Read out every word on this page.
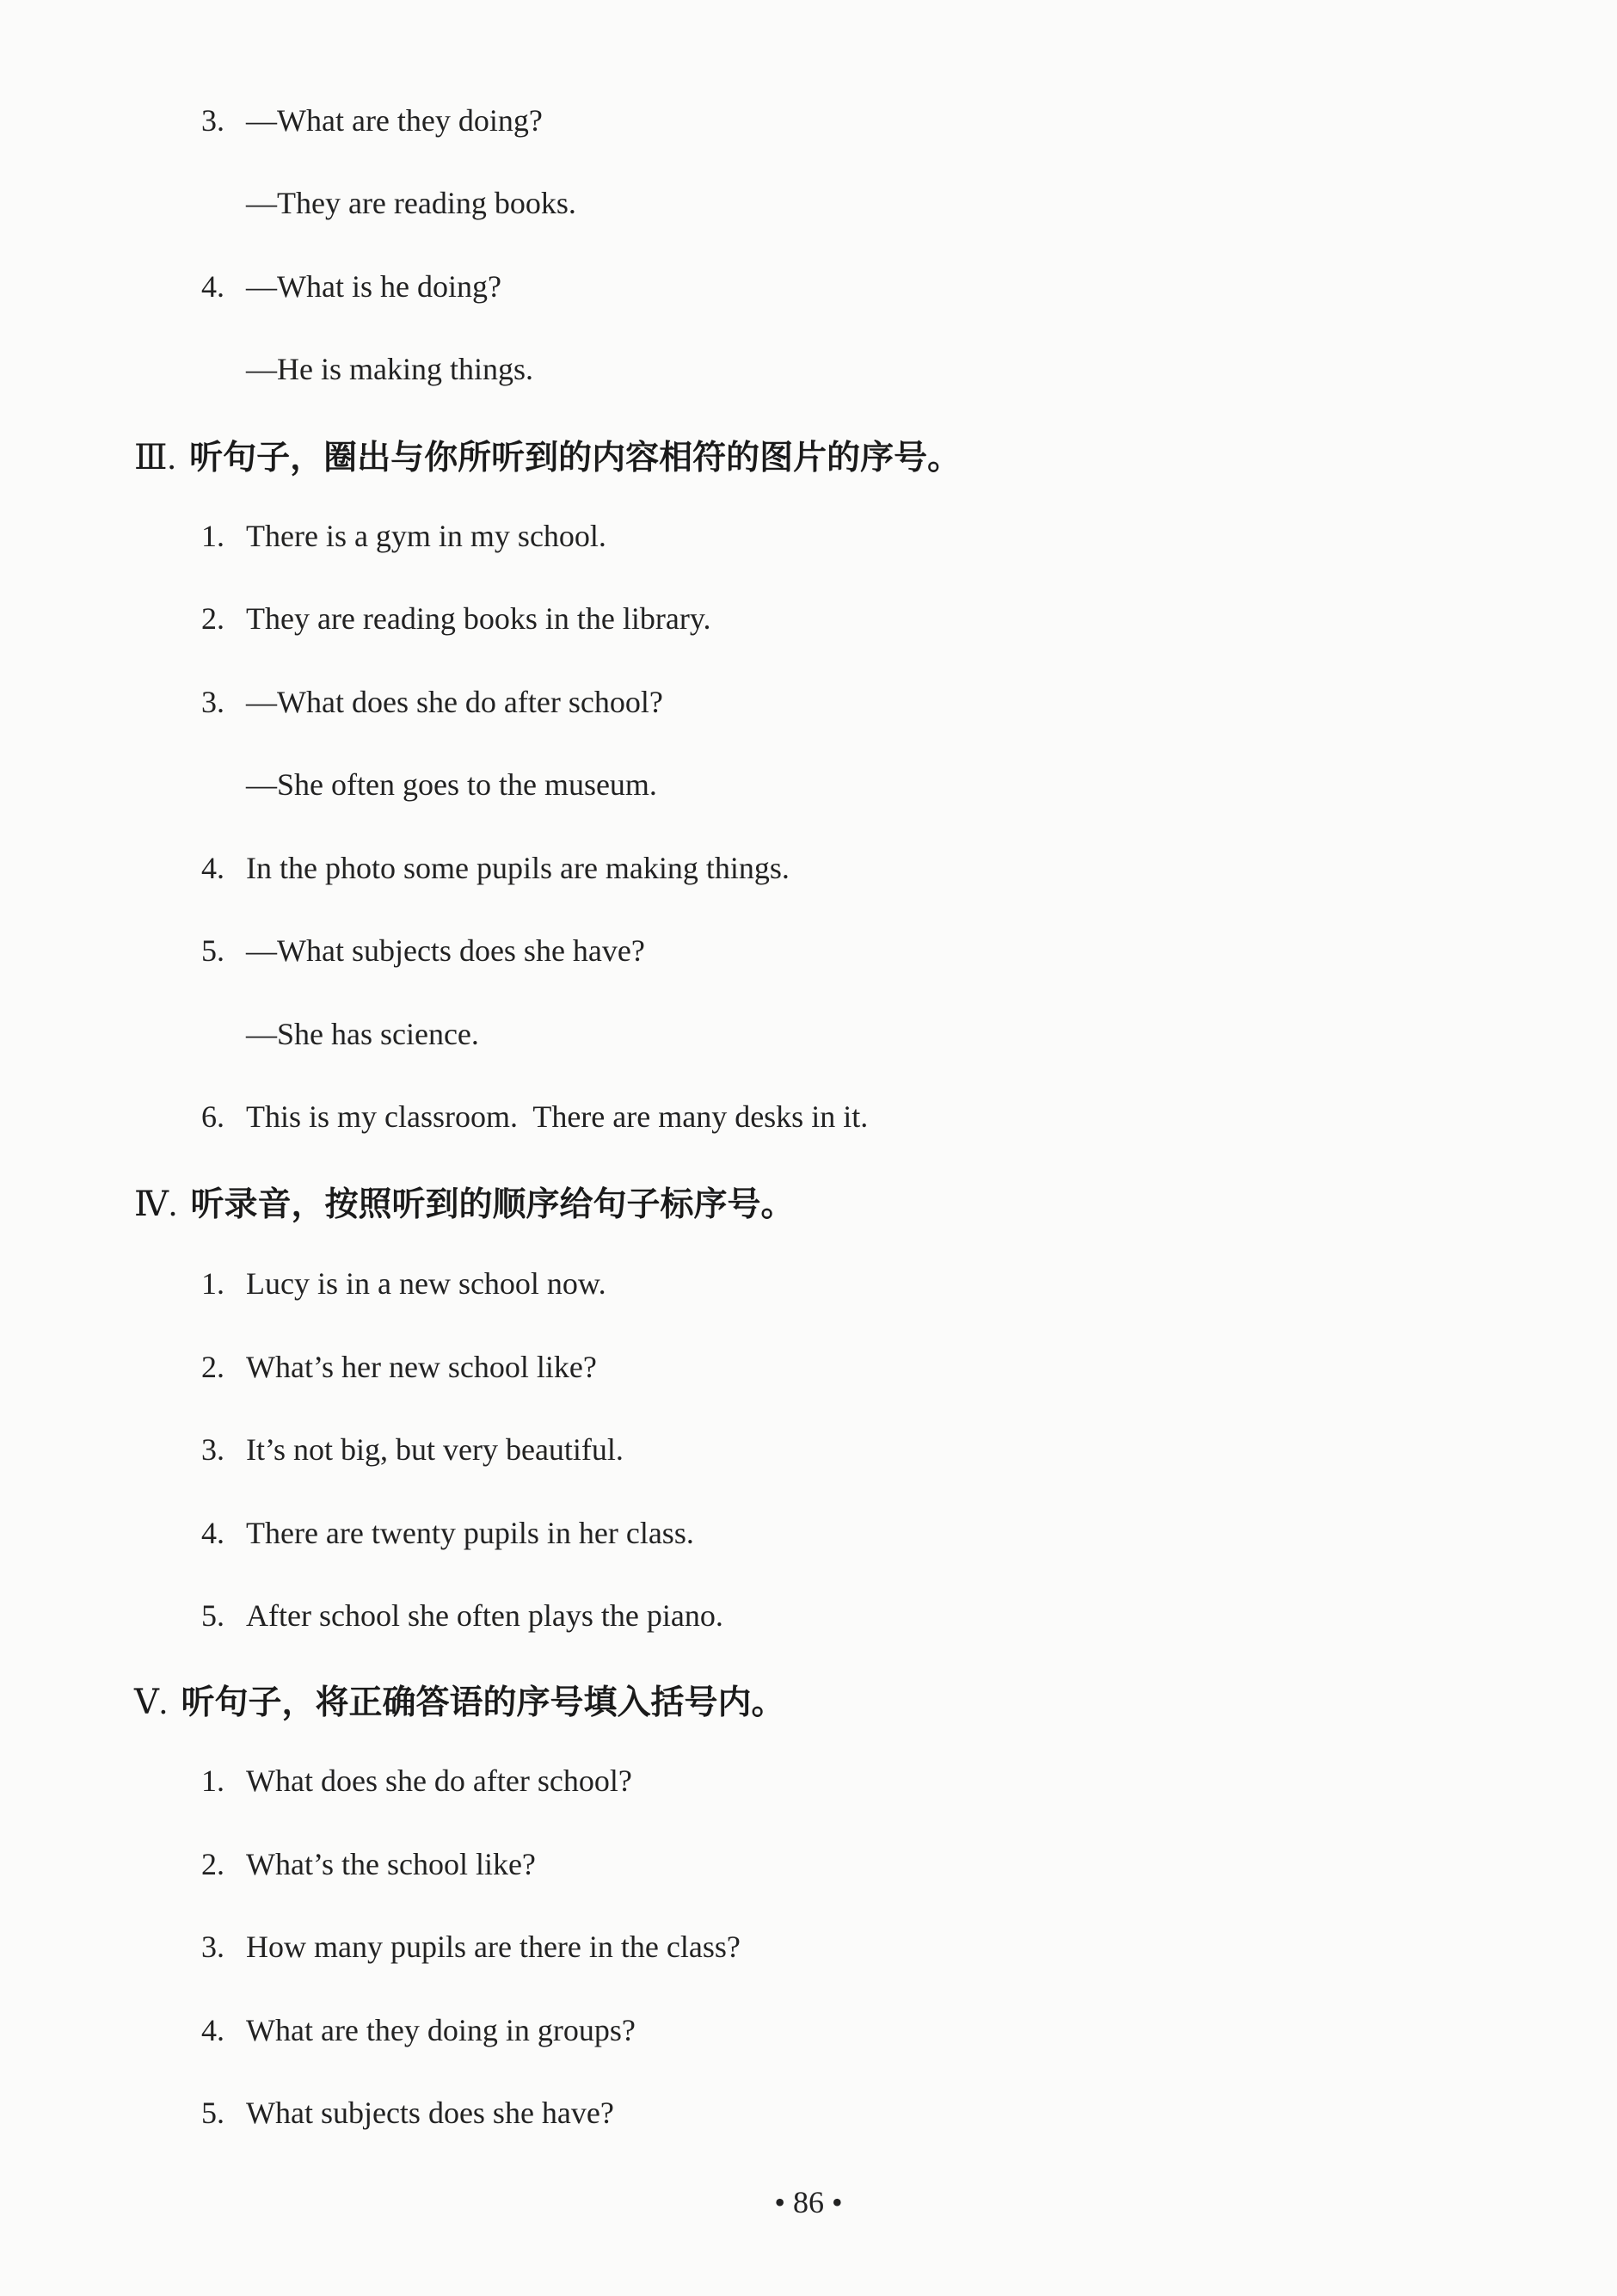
3. —What are they doing?
—They are reading books.
4. —What is he doing?
—He is making things.
Ⅲ. 听句子，圈出与你所听到的内容相符的图片的序号。
1. There is a gym in my school.
2. They are reading books in the library.
3. —What does she do after school?
—She often goes to the museum.
4. In the photo some pupils are making things.
5. —What subjects does she have?
—She has science.
6. This is my classroom.  There are many desks in it.
Ⅳ. 听录音，按照听到的顺序给句子标序号。
1. Lucy is in a new school now.
2. What’s her new school like?
3. It’s not big, but very beautiful.
4. There are twenty pupils in her class.
5. After school she often plays the piano.
Ⅴ. 听句子，将正确答语的序号填入括号内。
1. What does she do after school?
2. What’s the school like?
3. How many pupils are there in the class?
4. What are they doing in groups?
5. What subjects does she have?
• 86 •
